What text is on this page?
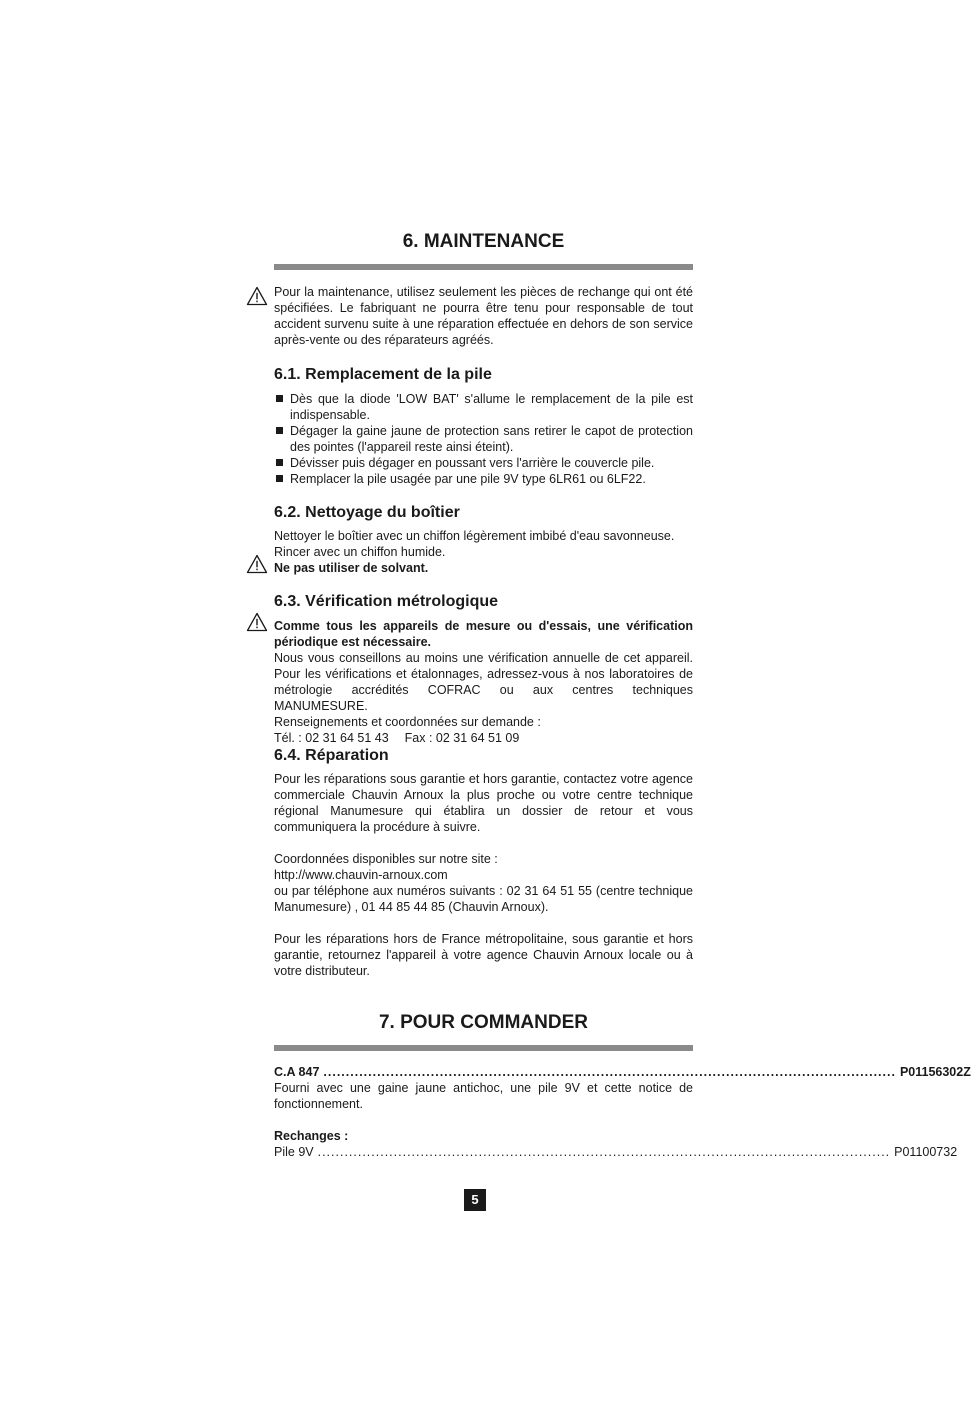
6. MAINTENANCE

Pour la maintenance, utilisez seulement les pièces de rechange qui ont été spécifiées. Le fabriquant ne pourra être tenu pour responsable de tout accident survenu suite à une réparation effectuée en dehors de son service après-vente ou des réparateurs agréés.

6.1. Remplacement de la pile
Dès que la diode 'LOW BAT' s'allume le remplacement de la pile est indispensable.
Dégager la gaine jaune de protection sans retirer le capot de protection des pointes (l'appareil reste ainsi éteint).
Dévisser puis dégager en poussant vers l'arrière le couvercle pile.
Remplacer la pile usagée par une pile 9V type 6LR61 ou 6LF22.
6.2. Nettoyage du boîtier

Nettoyer le boîtier avec un chiffon légèrement imbibé d'eau savonneuse.

Rincer avec un chiffon humide.

Ne pas utiliser de solvant.

6.3. Vérification métrologique

Comme tous les appareils de mesure ou d'essais, une vérification périodique est nécessaire.

Nous vous conseillons au moins une vérification annuelle de cet appareil. Pour les vérifications et étalonnages, adressez-vous à nos laboratoires de métrologie accrédités COFRAC ou aux centres techniques MANUMESURE.

Renseignements et coordonnées sur demande :

Tél. : 02 31 64 51 43 Fax : 02 31 64 51 09

6.4. Réparation

Pour les réparations sous garantie et hors garantie, contactez votre agence commerciale Chauvin Arnoux la plus proche ou votre centre technique régional Manumesure qui établira un dossier de retour et vous communiquera la procédure à suivre.

Coordonnées disponibles sur notre site :

http://www.chauvin-arnoux.com

ou par téléphone aux numéros suivants : 02 31 64 51 55 (centre technique Manumesure) , 01 44 85 44 85 (Chauvin Arnoux).

Pour les réparations hors de France métropolitaine, sous garantie et hors garantie, retournez l'appareil à votre agence Chauvin Arnoux locale ou à votre distributeur.

7. POUR COMMANDER
C.A 847 ................................................................................................................................ P01156302Z

Fourni avec une gaine jaune antichoc, une pile 9V et cette notice de fonctionnement.

Rechanges :

Pile 9V ................................................................................................................................ P01100732
5
